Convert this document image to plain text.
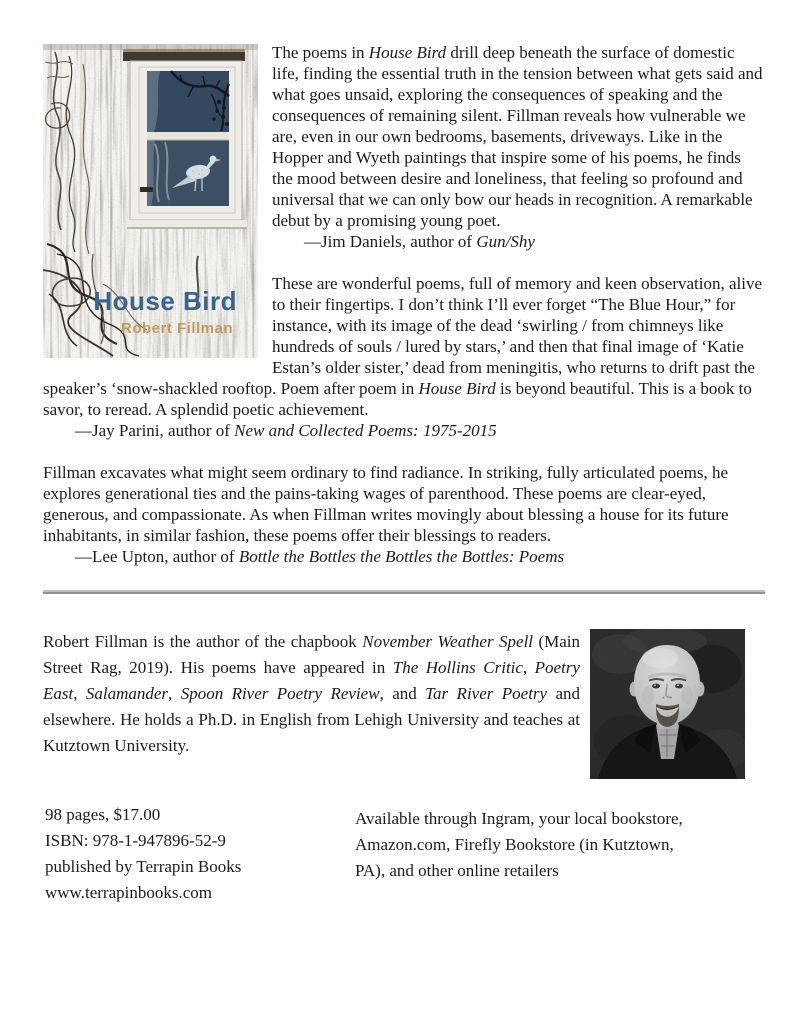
House Bird
Robert Fillman

The poems in House Bird drill deep beneath the surface of domestic life, finding the essential truth in the tension between what gets said and what goes unsaid, exploring the consequences of speaking and the consequences of remaining silent. Fillman reveals how vulnerable we are, even in our own bedrooms, basements, driveways. Like in the Hopper and Wyeth paintings that inspire some of his poems, he finds the mood between desire and loneliness, that feeling so profound and universal that we can only bow our heads in recognition. A remarkable debut by a promising young poet.

—Jim Daniels, author of Gun/Shy

These are wonderful poems, full of memory and keen observation, alive to their fingertips. I don’t think I’ll ever forget “The Blue Hour,” for instance, with its image of the dead ‘swirling / from chimneys like hundreds of souls / lured by stars,’ and then that final image of ‘Katie Estan’s older sister,’ dead from meningitis, who returns to drift past the speaker’s ‘snow-shackled rooftop. Poem after poem in House Bird is beyond beautiful. This is a book to savor, to reread. A splendid poetic achievement.

—Jay Parini, author of New and Collected Poems: 1975-2015

Fillman excavates what might seem ordinary to find radiance. In striking, fully articulated poems, he explores generational ties and the pains-taking wages of parenthood. These poems are clear-eyed, generous, and compassionate. As when Fillman writes movingly about blessing a house for its future inhabitants, in similar fashion, these poems offer their blessings to readers.

—Lee Upton, author of Bottle the Bottles the Bottles the Bottles: Poems

Robert Fillman is the author of the chapbook November Weather Spell (Main Street Rag, 2019). His poems have appeared in The Hollins Critic, Poetry East, Salamander, Spoon River Poetry Review, and Tar River Poetry and elsewhere. He holds a Ph.D. in English from Lehigh University and teaches at Kutztown University.

98 pages, $17.00
ISBN: 978-1-947896-52-9
published by Terrapin Books
www.terrapinbooks.com
Available through Ingram, your local bookstore,
Amazon.com, Firefly Bookstore (in Kutztown,
PA), and other online retailers
